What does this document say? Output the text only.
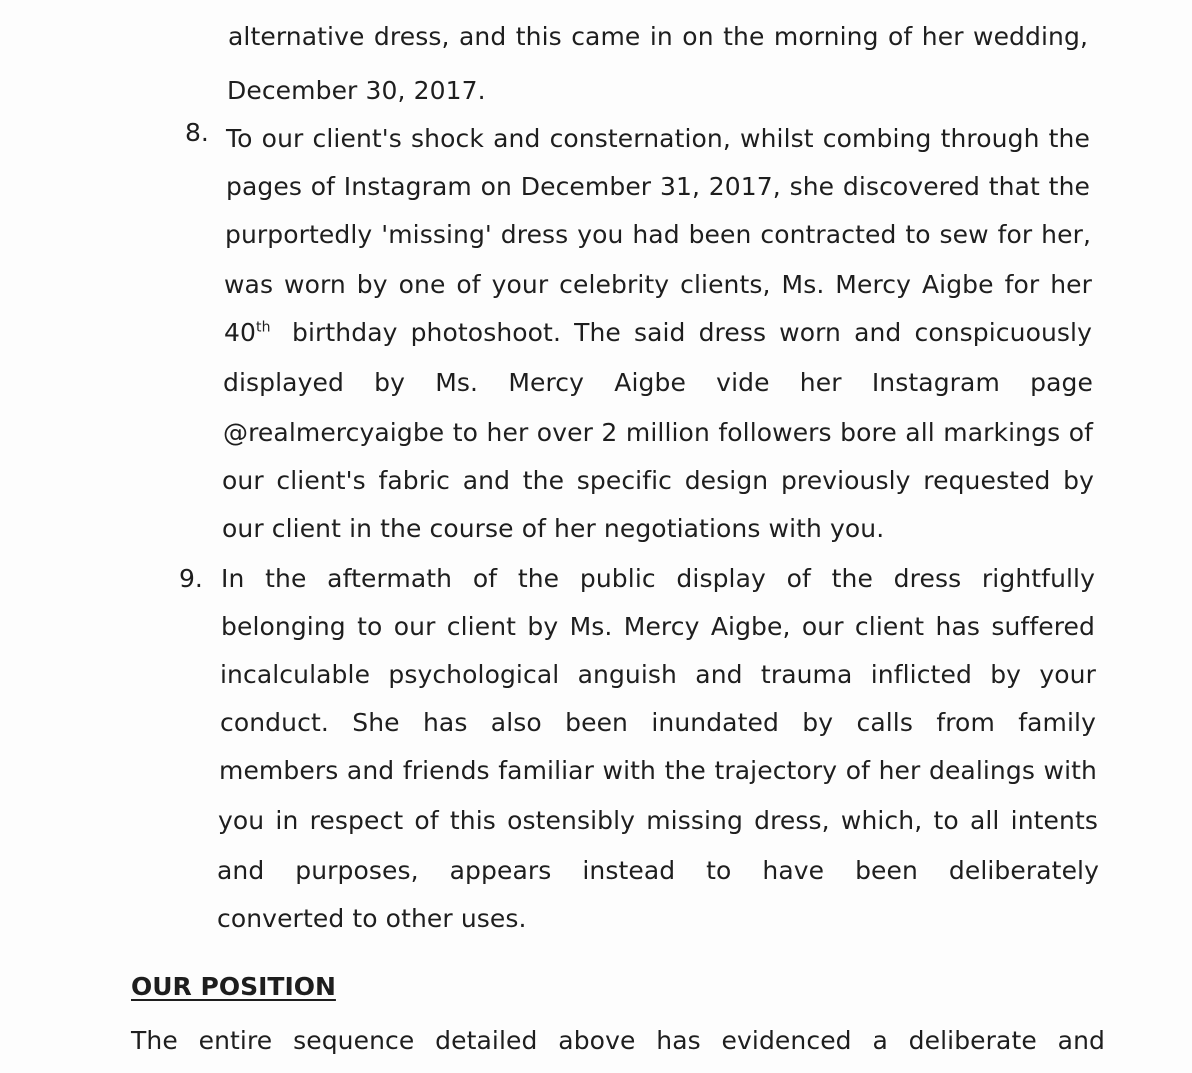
alternative dress, and this came in on the morning of her wedding,
December 30, 2017.
8. To our client's shock and consternation, whilst combing through the
pages of Instagram on December 31, 2017, she discovered that the
purportedly 'missing' dress you had been contracted to sew for her,
was worn by one of your celebrity clients, Ms. Mercy Aigbe for her
40th birthday photoshoot. The said dress worn and conspicuously
displayed by Ms. Mercy Aigbe vide her Instagram page
@realmercyaigbe to her over 2 million followers bore all markings of
our client's fabric and the specific design previously requested by
our client in the course of her negotiations with you.
9. In the aftermath of the public display of the dress rightfully
belonging to our client by Ms. Mercy Aigbe, our client has suffered
incalculable psychological anguish and trauma inflicted by your
conduct. She has also been inundated by calls from family
members and friends familiar with the trajectory of her dealings with
you in respect of this ostensibly missing dress, which, to all intents
and purposes, appears instead to have been deliberately
converted to other uses.
OUR POSITION
The entire sequence detailed above has evidenced a deliberate and
